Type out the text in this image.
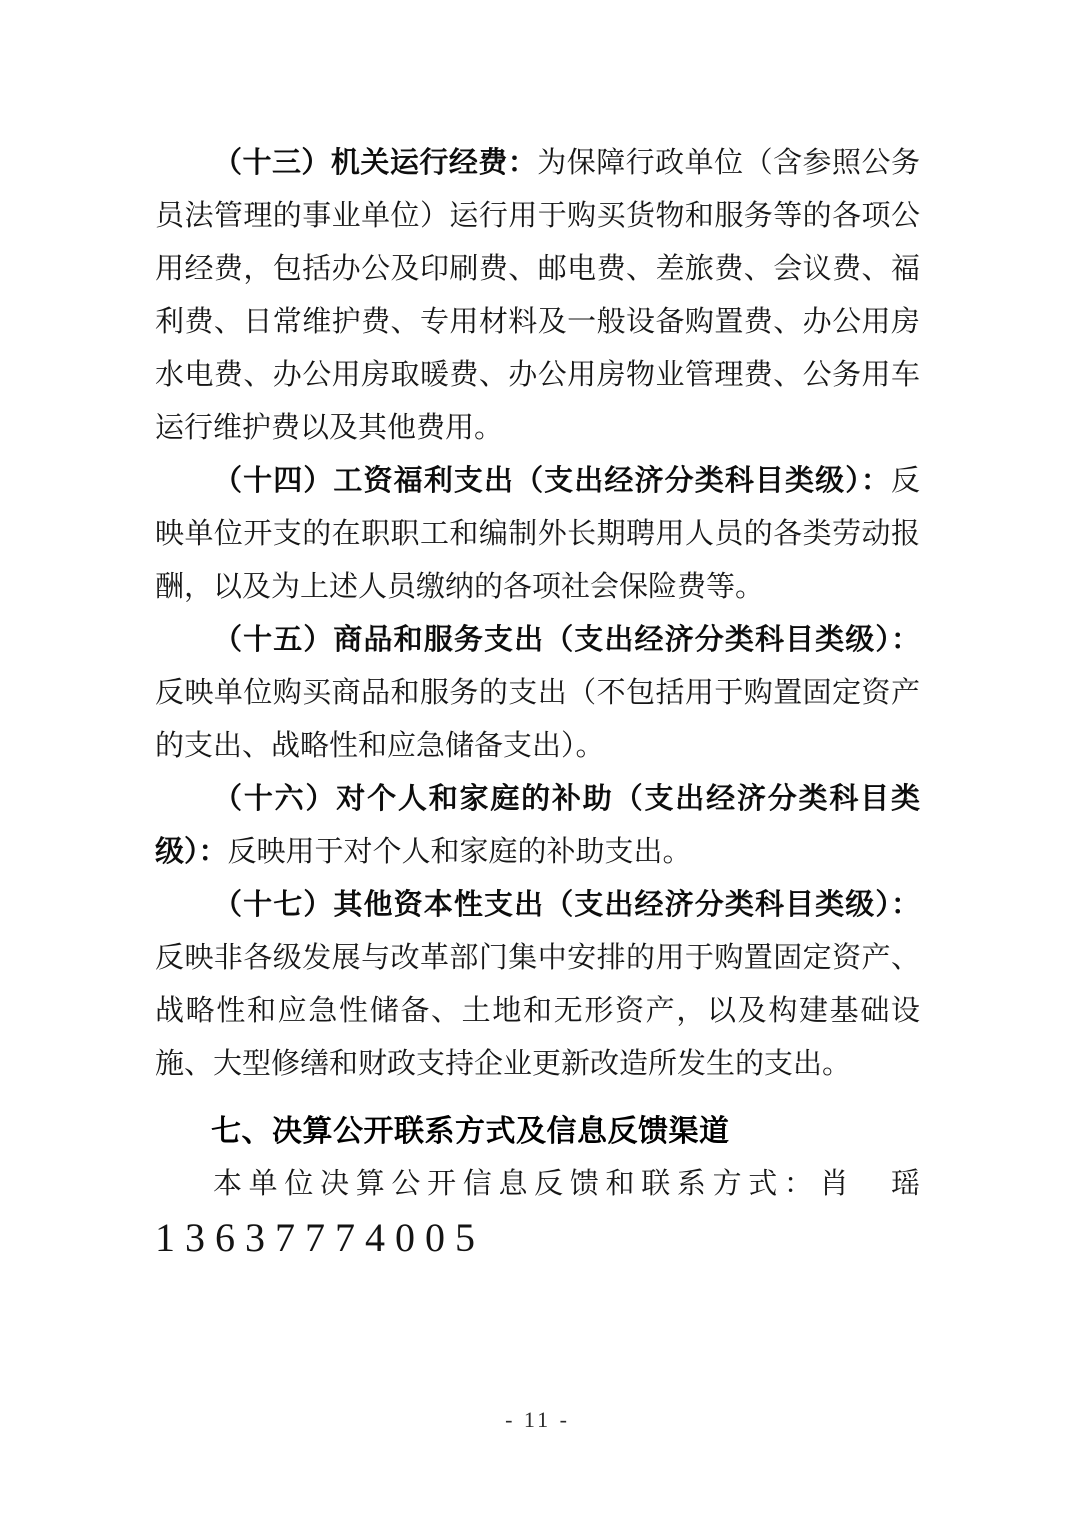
（十三）机关运行经费：为保障行政单位（含参照公务员法管理的事业单位）运行用于购买货物和服务等的各项公用经费，包括办公及印刷费、邮电费、差旅费、会议费、福利费、日常维护费、专用材料及一般设备购置费、办公用房水电费、办公用房取暖费、办公用房物业管理费、公务用车运行维护费以及其他费用。

（十四）工资福利支出（支出经济分类科目类级）：反映单位开支的在职职工和编制外长期聘用人员的各类劳动报酬，以及为上述人员缴纳的各项社会保险费等。

（十五）商品和服务支出（支出经济分类科目类级）：反映单位购买商品和服务的支出（不包括用于购置固定资产的支出、战略性和应急储备支出）。

（十六）对个人和家庭的补助（支出经济分类科目类级）：反映用于对个人和家庭的补助支出。

（十七）其他资本性支出（支出经济分类科目类级）：反映非各级发展与改革部门集中安排的用于购置固定资产、战略性和应急性储备、土地和无形资产，以及构建基础设施、大型修缮和财政支持企业更新改造所发生的支出。

七、决算公开联系方式及信息反馈渠道

本单位决算公开信息反馈和联系方式：肖　瑶

13637774005

- 11 -
